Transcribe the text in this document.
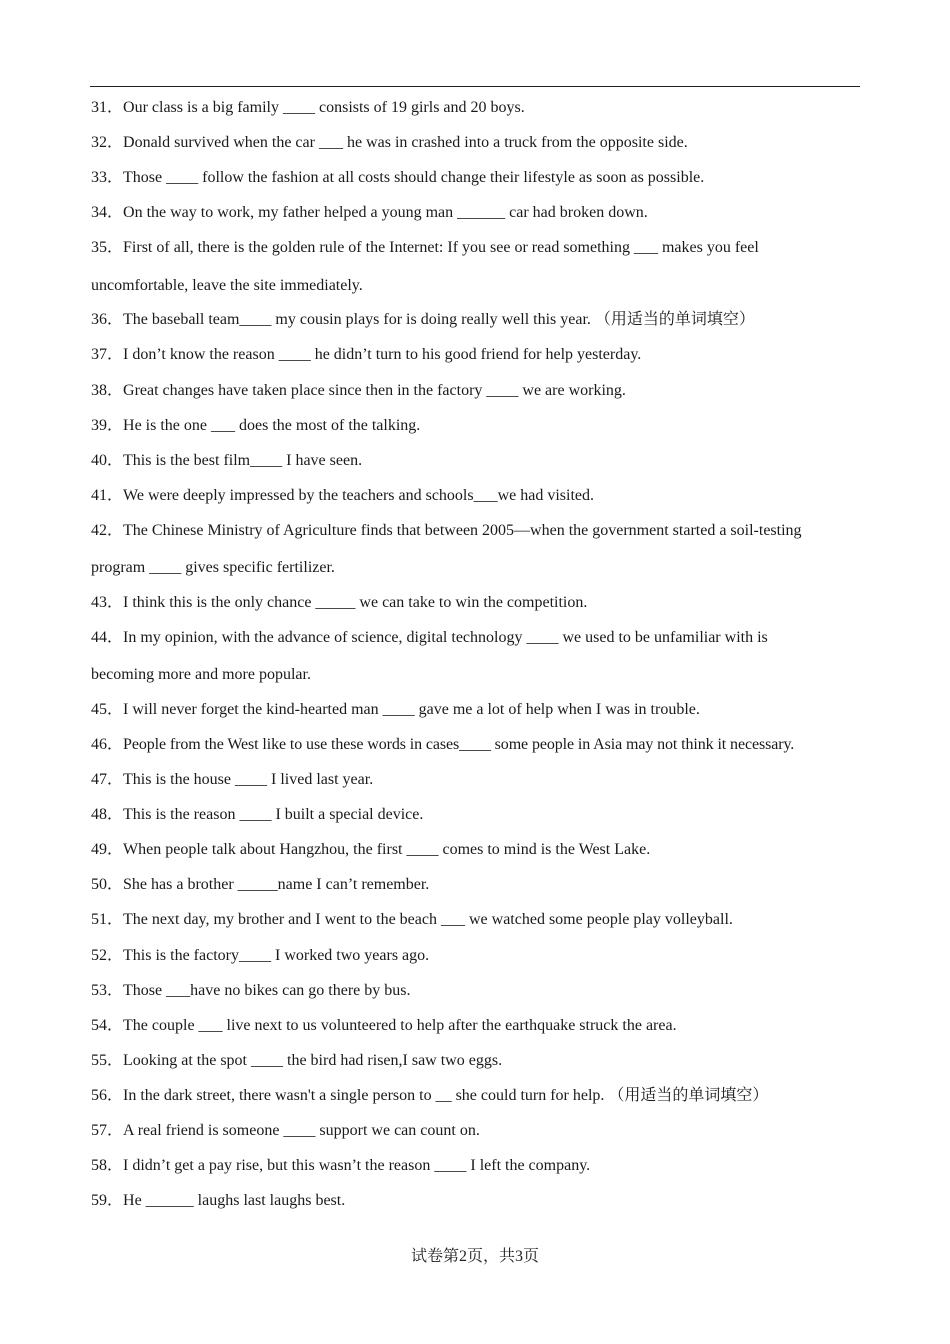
31．Our class is a big family ____ consists of 19 girls and 20 boys.
32．Donald survived when the car ___ he was in crashed into a truck from the opposite side.
33．Those ____ follow the fashion at all costs should change their lifestyle as soon as possible.
34．On the way to work, my father helped a young man ______ car had broken down.
35．First of all, there is the golden rule of the Internet: If you see or read something ___ makes you feel
uncomfortable, leave the site immediately.
36．The baseball team____ my cousin plays for is doing really well this year. （用适当的单词填空）
37．I don’t know the reason ____ he didn’t turn to his good friend for help yesterday.
38．Great changes have taken place since then in the factory ____ we are working.
39．He is the one ___ does the most of the talking.
40．This is the best film____ I have seen.
41．We were deeply impressed by the teachers and schools___we had visited.
42．The Chinese Ministry of Agriculture finds that between 2005—when the government started a soil-testing
program ____ gives specific fertilizer.
43．I think this is the only chance _____ we can take to win the competition.
44．In my opinion, with the advance of science, digital technology ____ we used to be unfamiliar with is
becoming more and more popular.
45．I will never forget the kind-hearted man ____ gave me a lot of help when I was in trouble.
46．People from the West like to use these words in cases____ some people in Asia may not think it necessary.
47．This is the house ____ I lived last year.
48．This is the reason ____ I built a special device.
49．When people talk about Hangzhou, the first ____ comes to mind is the West Lake.
50．She has a brother _____name I can’t remember.
51．The next day, my brother and I went to the beach ___ we watched some people play volleyball.
52．This is the factory____ I worked two years ago.
53．Those ___have no bikes can go there by bus.
54．The couple ___ live next to us volunteered to help after the earthquake struck the area.
55．Looking at the spot ____ the bird had risen,I saw two eggs.
56．In the dark street, there wasn't a single person to __ she could turn for help. （用适当的单词填空）
57．A real friend is someone ____ support we can count on.
58．I didn’t get a pay rise, but this wasn’t the reason ____ I left the company.
59．He ______ laughs last laughs best.
试卷第2页，共3页
